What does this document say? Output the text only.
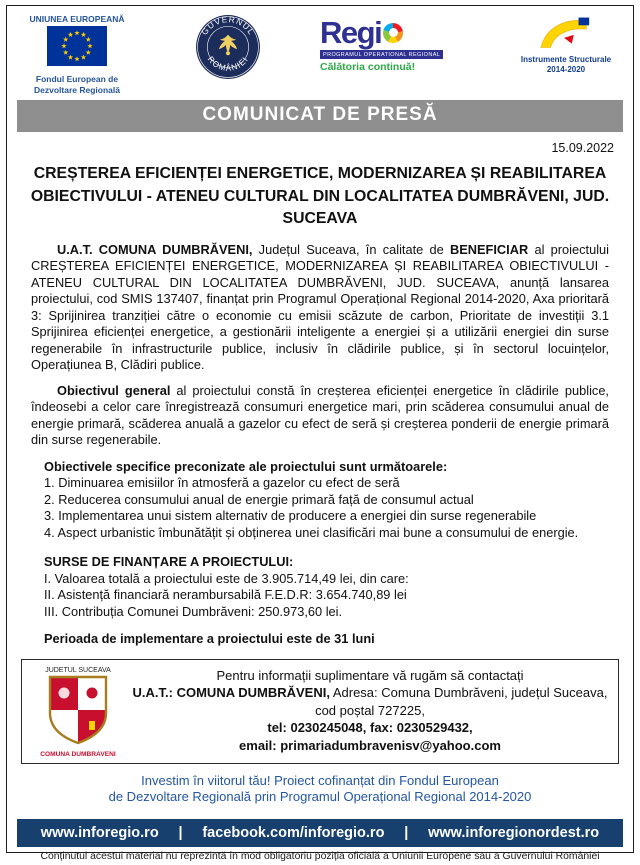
UNIUNEA EUROPEANĂ
Fondul European de Dezvoltare Regională
GUVERNUL
ROMÂNIEI
Regi
PROGRAMUL OPERATIONAL REGIONAL
Călătoria continuă!
Instrumente Structurale
2014-2020
COMUNICAT DE PRESĂ
15.09.2022
CREȘTEREA EFICIENȚEI ENERGETICE, MODERNIZAREA ȘI REABILITAREA OBIECTIVULUI - ATENEU CULTURAL DIN LOCALITATEA DUMBRĂVENI, JUD. SUCEAVA

U.A.T. COMUNA DUMBRĂVENI, Județul Suceava, în calitate de BENEFICIAR al proiectului CREȘTEREA EFICIENȚEI ENERGETICE, MODERNIZAREA ȘI REABILITAREA OBIECTIVULUI - ATENEU CULTURAL DIN LOCALITATEA DUMBRĂVENI, JUD. SUCEAVA, anunță lansarea proiectului, cod SMIS 137407, finanțat prin Programul Operațional Regional 2014-2020, Axa prioritară 3: Sprijinirea tranziției către o economie cu emisii scăzute de carbon, Prioritate de investiții 3.1 Sprijinirea eficienței energetice, a gestionării inteligente a energiei și a utilizării energiei din surse regenerabile în infrastructurile publice, inclusiv în clădirile publice, și în sectorul locuințelor, Operațiunea B, Clădiri publice.

Obiectivul general al proiectului constă în creșterea eficienței energetice în clădirile publice, îndeosebi a celor care înregistrează consumuri energetice mari, prin scăderea consumului anual de energie primară, scăderea anuală a gazelor cu efect de seră și creșterea ponderii de energie primară din surse regenerabile.

Obiectivele specifice preconizate ale proiectului sunt următoarele:
1. Diminuarea emisiilor în atmosferă a gazelor cu efect de seră
2. Reducerea consumului anual de energie primară față de consumul actual
3. Implementarea unui sistem alternativ de producere a energiei din surse regenerabile
4. Aspect urbanistic îmbunătățit și obținerea unei clasificări mai bune a consumului de energie.
SURSE DE FINANȚARE A PROIECTULUI:
I. Valoarea totală a proiectului este de 3.905.714,49 lei, din care:
II. Asistență financiară nerambursabilă F.E.D.R: 3.654.740,89 lei
III. Contribuția Comunei Dumbrăveni: 250.973,60 lei.
Perioada de implementare a proiectului este de 31 luni
JUDETUL SUCEAVA
COMUNA DUMBRAVENI
Pentru informații suplimentare vă rugăm să contactați
U.A.T.: COMUNA DUMBRĂVENI, Adresa: Comuna Dumbrăveni, județul Suceava, cod poștal 727225,
tel: 0230245048, fax: 0230529432,
email: primariadumbravenisv@yahoo.com
Investim în viitorul tău! Proiect cofinanțat din Fondul European
de Dezvoltare Regională prin Programul Operațional Regional 2014-2020
www.inforegio.ro | facebook.com/inforegio.ro | www.inforegionordest.ro
Conținutul acestui material nu reprezintă în mod obligatoriu poziția oficială a Uniunii Europene sau a Guvernului României
